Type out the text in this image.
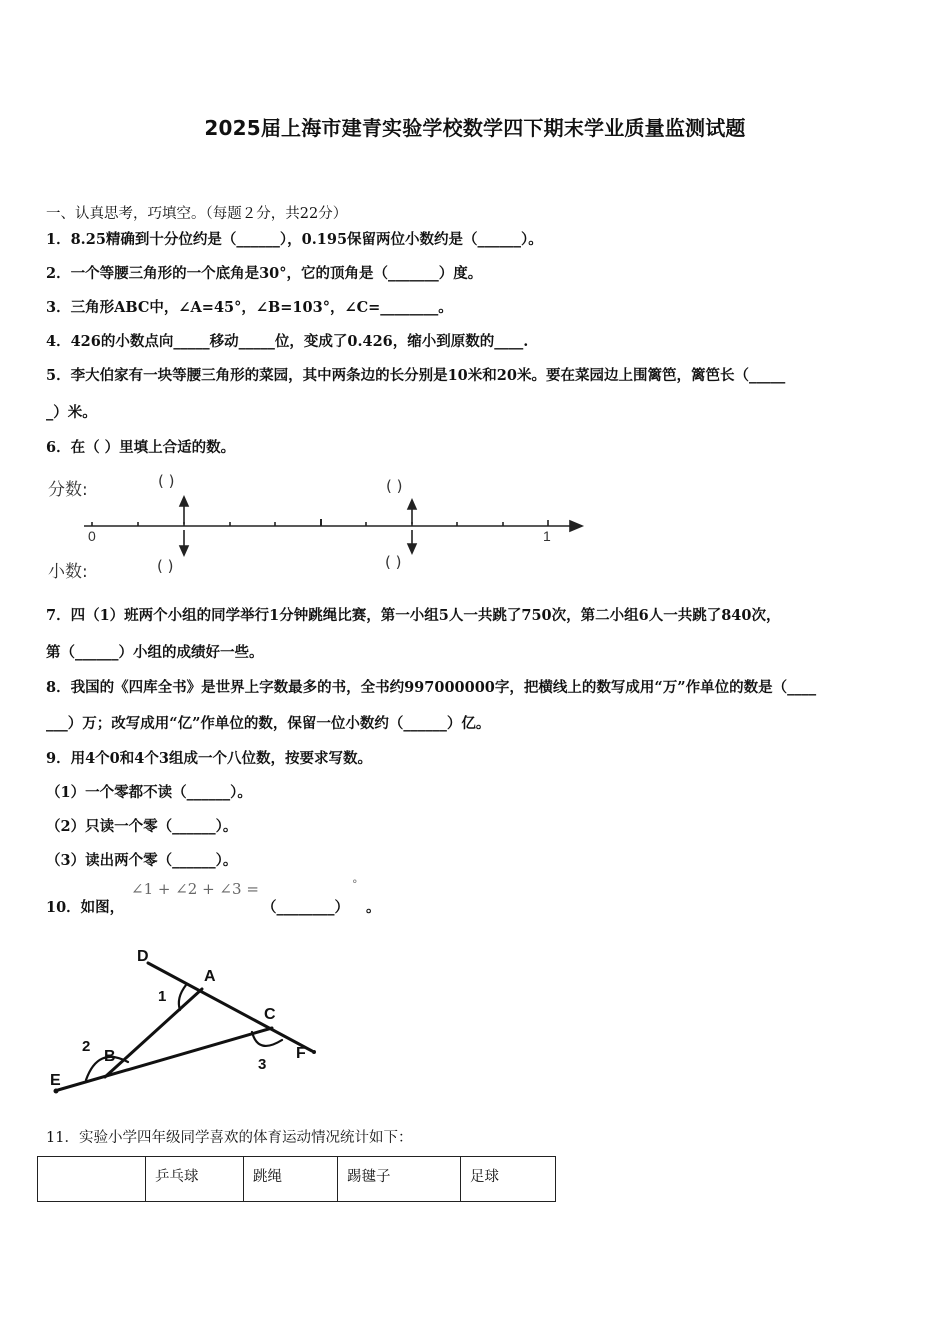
2025届上海市建青实验学校数学四下期末学业质量监测试题
一、认真思考，巧填空。（每题２分，共22分）
1．8.25精确到十分位约是（______），0.195保留两位小数约是（______）。
2．一个等腰三角形的一个底角是30°，它的顶角是（_______）度。
3．三角形ABC中，∠A=45°，∠B=103°，∠C=________。
4．426的小数点向_____移动_____位，变成了0.426，缩小到原数的____.
5．李大伯家有一块等腰三角形的菜园，其中两条边的长分别是10米和20米。要在菜园边上围篱笆，篱笆长（_____
_）米。
6．在（ ）里填上合适的数。
分数:
小数:
( )	( )
( )	( )
0	1
7．四（1）班两个小组的同学举行1分钟跳绳比赛，第一小组5人一共跳了750次，第二小组6人一共跳了840次，
第（______）小组的成绩好一些。
8．我国的《四库全书》是世界上字数最多的书，全书约997000000字，把横线上的数写成用“万”作单位的数是（____
___）万；改写成用“亿”作单位的数，保留一位小数约（______）亿。
9．用4个0和4个3组成一个八位数，按要求写数。
（1）一个零都不读（______）。
（2）只读一个零（______）。
（3）读出两个零（______）。
10．如图，
∠1 + ∠2 + ∠3 =
（________）
°
。
D
A
C
B
E
F
1
2
3
11．实验小学四年级同学喜欢的体育运动情况统计如下：
	乒乓球	跳绳	踢毽子	足球
